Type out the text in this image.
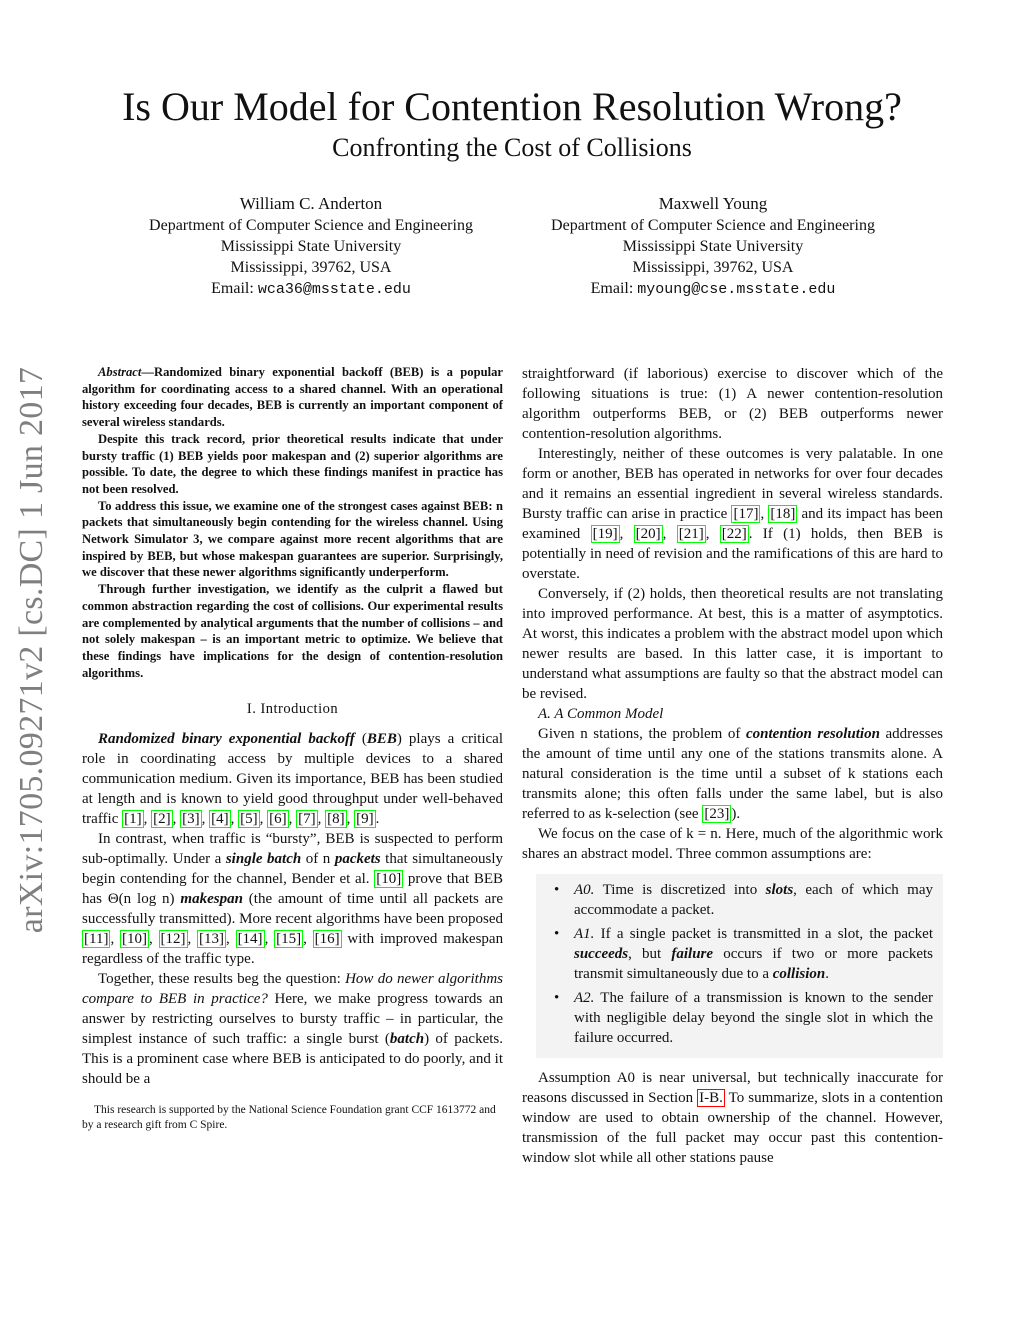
arXiv:1705.09271v2 [cs.DC] 1 Jun 2017
Is Our Model for Contention Resolution Wrong?
Confronting the Cost of Collisions
William C. Anderton
Department of Computer Science and Engineering
Mississippi State University
Mississippi, 39762, USA
Email: wca36@msstate.edu
Maxwell Young
Department of Computer Science and Engineering
Mississippi State University
Mississippi, 39762, USA
Email: myoung@cse.msstate.edu

Abstract—Randomized binary exponential backoff (BEB) is a popular algorithm for coordinating access to a shared channel. With an operational history exceeding four decades, BEB is currently an important component of several wireless standards.

Despite this track record, prior theoretical results indicate that under bursty traffic (1) BEB yields poor makespan and (2) superior algorithms are possible. To date, the degree to which these findings manifest in practice has not been resolved.

To address this issue, we examine one of the strongest cases against BEB: n packets that simultaneously begin contending for the wireless channel. Using Network Simulator 3, we compare against more recent algorithms that are inspired by BEB, but whose makespan guarantees are superior. Surprisingly, we discover that these newer algorithms significantly underperform.

Through further investigation, we identify as the culprit a flawed but common abstraction regarding the cost of collisions. Our experimental results are complemented by analytical arguments that the number of collisions – and not solely makespan – is an important metric to optimize. We believe that these findings have implications for the design of contention-resolution algorithms.

I. Introduction

Randomized binary exponential backoff (BEB) plays a critical role in coordinating access by multiple devices to a shared communication medium. Given its importance, BEB has been studied at length and is known to yield good throughput under well-behaved traffic [1] , [2] , [3] , [4] , [5] , [6] , [7] , [8] , [9] .

In contrast, when traffic is “bursty”, BEB is suspected to perform sub-optimally. Under a single batch of n packets that simultaneously begin contending for the channel, Bender et al. [10] prove that BEB has Θ(n log n) makespan (the amount of time until all packets are successfully transmitted). More recent algorithms have been proposed [11] , [10] , [12] , [13] , [14] , [15] , [16] with improved makespan regardless of the traffic type.

Together, these results beg the question: How do newer algorithms compare to BEB in practice? Here, we make progress towards an answer by restricting ourselves to bursty traffic – in particular, the simplest instance of such traffic: a single burst (batch) of packets. This is a prominent case where BEB is anticipated to do poorly, and it should be a

This research is supported by the National Science Foundation grant CCF 1613772 and by a research gift from C Spire.

straightforward (if laborious) exercise to discover which of the following situations is true: (1) A newer contention-resolution algorithm outperforms BEB, or (2) BEB outperforms newer contention-resolution algorithms.

Interestingly, neither of these outcomes is very palatable. In one form or another, BEB has operated in networks for over four decades and it remains an essential ingredient in several wireless standards. Bursty traffic can arise in practice [17] , [18] and its impact has been examined [19] , [20] , [21] , [22] . If (1) holds, then BEB is potentially in need of revision and the ramifications of this are hard to overstate.

Conversely, if (2) holds, then theoretical results are not translating into improved performance. At best, this is a matter of asymptotics. At worst, this indicates a problem with the abstract model upon which newer results are based. In this latter case, it is important to understand what assumptions are faulty so that the abstract model can be revised.

A. A Common Model

Given n stations, the problem of contention resolution addresses the amount of time until any one of the stations transmits alone. A natural consideration is the time until a subset of k stations each transmits alone; this often falls under the same label, but is also referred to as k-selection (see [23] ).

We focus on the case of k = n. Here, much of the algorithmic work shares an abstract model. Three common assumptions are:

• A0. Time is discretized into slots, each of which may accommodate a packet.
• A1. If a single packet is transmitted in a slot, the packet succeeds, but failure occurs if two or more packets transmit simultaneously due to a collision.
• A2. The failure of a transmission is known to the sender with negligible delay beyond the single slot in which the failure occurred.

Assumption A0 is near universal, but technically inaccurate for reasons discussed in Section I-B. To summarize, slots in a contention window are used to obtain ownership of the channel. However, transmission of the full packet may occur past this contention-window slot while all other stations pause
